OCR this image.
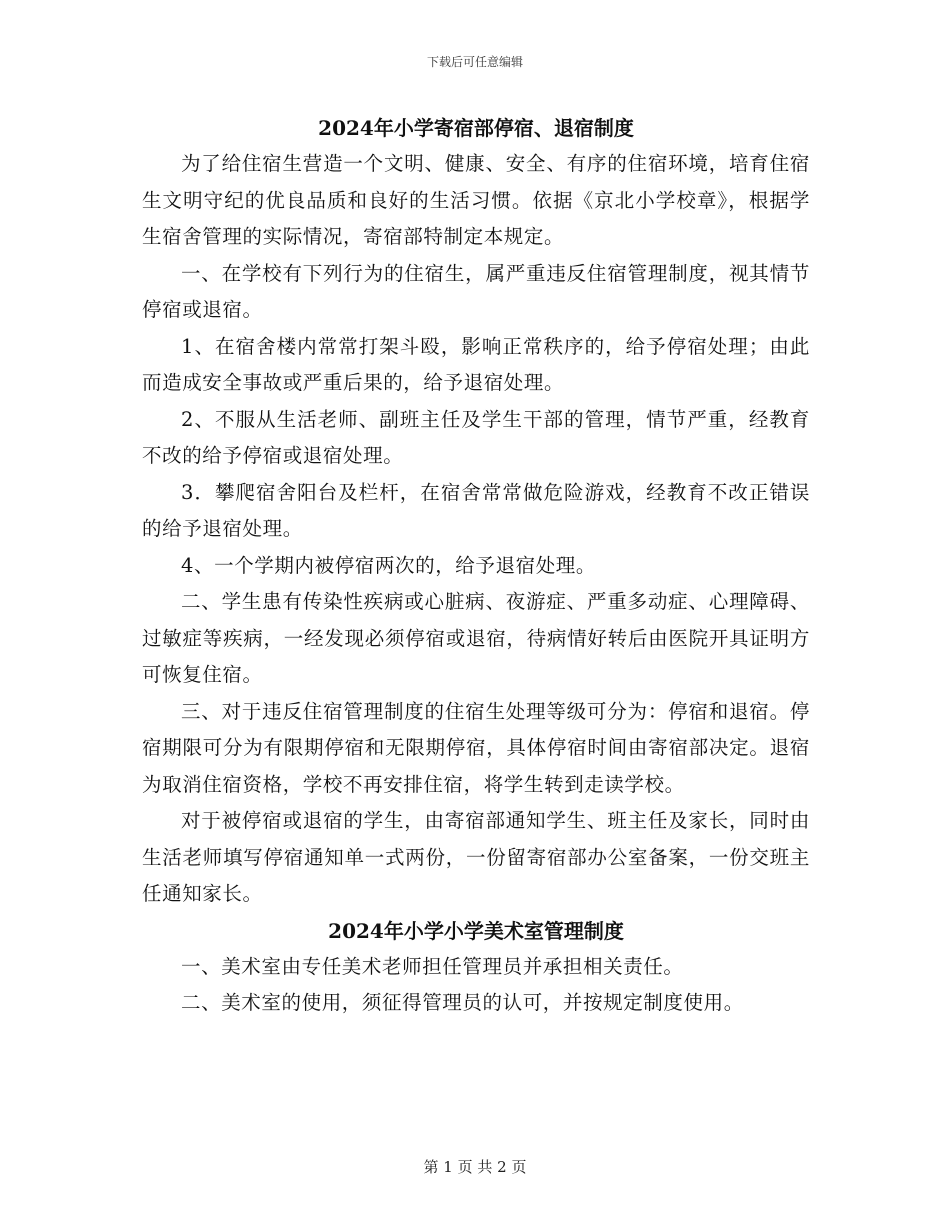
下载后可任意编辑
2024年小学寄宿部停宿、退宿制度

为了给住宿生营造一个文明、健康、安全、有序的住宿环境，培育住宿生文明守纪的优良品质和良好的生活习惯。依据《京北小学校章》，根据学生宿舍管理的实际情况，寄宿部特制定本规定。

一、在学校有下列行为的住宿生，属严重违反住宿管理制度，视其情节停宿或退宿。

1、在宿舍楼内常常打架斗殴，影响正常秩序的，给予停宿处理；由此而造成安全事故或严重后果的，给予退宿处理。

2、不服从生活老师、副班主任及学生干部的管理，情节严重，经教育不改的给予停宿或退宿处理。

3．攀爬宿舍阳台及栏杆，在宿舍常常做危险游戏，经教育不改正错误的给予退宿处理。

4、一个学期内被停宿两次的，给予退宿处理。

二、学生患有传染性疾病或心脏病、夜游症、严重多动症、心理障碍、过敏症等疾病，一经发现必须停宿或退宿，待病情好转后由医院开具证明方可恢复住宿。

三、对于违反住宿管理制度的住宿生处理等级可分为：停宿和退宿。停宿期限可分为有限期停宿和无限期停宿，具体停宿时间由寄宿部决定。退宿为取消住宿资格，学校不再安排住宿，将学生转到走读学校。

对于被停宿或退宿的学生，由寄宿部通知学生、班主任及家长，同时由生活老师填写停宿通知单一式两份，一份留寄宿部办公室备案，一份交班主任通知家长。

2024年小学小学美术室管理制度

一、美术室由专任美术老师担任管理员并承担相关责任。

二、美术室的使用，须征得管理员的认可，并按规定制度使用。

第 1 页 共 2 页
